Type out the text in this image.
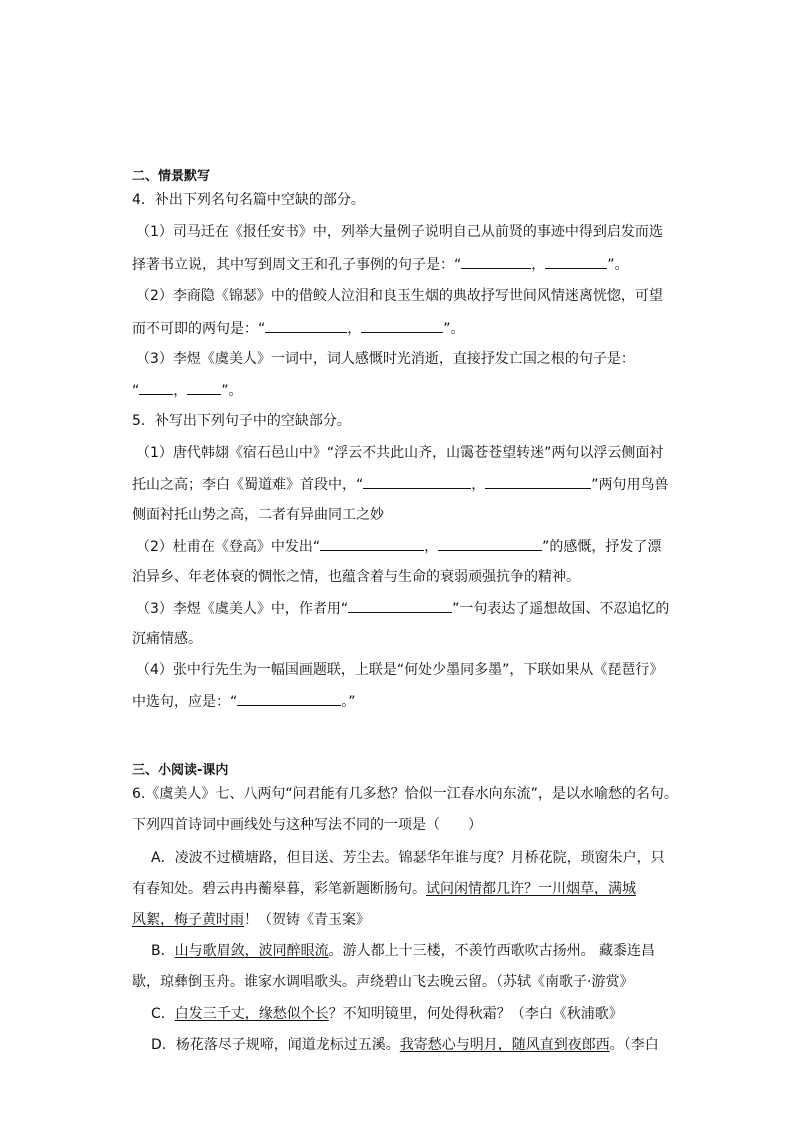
二、情景默写
4．补出下列名句名篇中空缺的部分。
（1）司马迁在《报任安书》中，列举大量例子说明自己从前贤的事迹中得到启发而选
择著书立说，其中写到周文王和孔子事例的句子是：“	，	”。
（2）李商隐《锦瑟》中的借鲛人泣泪和良玉生烟的典故抒写世间风情迷离恍惚，可望
而不可即的两句是：“	，	”。
（3）李煜《虞美人》一词中，词人感慨时光消逝，直接抒发亡国之根的句子是：
“ ， ”。
5．补写出下列句子中的空缺部分。
（1）唐代韩翃《宿石邑山中》“浮云不共此山齐，山霭苍苍望转迷”两句以浮云侧面衬
托山之高；李白《蜀道难》首段中，“	，	”两句用鸟兽
侧面衬托山势之高，二者有异曲同工之妙
（2）杜甫在《登高》中发出“	，	”的感慨，抒发了漂
泊异乡、年老体衰的惆怅之情，也蕴含着与生命的衰弱顽强抗争的精神。
（3）李煜《虞美人》中，作者用“	”一句表达了遥想故国、不忍追忆的
沉痛情感。
（4）张中行先生为一幅国画题联，上联是“何处少墨同多墨”，下联如果从《琵琶行》
中选句，应是：“	。”
三、小阅读-课内
6.《虞美人》七、八两句“问君能有几多愁？恰似一江春水向东流”，是以水喻愁的名句。
下列四首诗词中画线处与这种写法不同的一项是（　　）
A．凌波不过横塘路，但目送、芳尘去。锦瑟华年谁与度？月桥花院，琐窗朱户，只
有春知处。碧云冉冉蘅皋暮，彩笔新题断肠句。试问闲情都几许？一川烟草，满城
风絮，梅子黄时雨！（贺铸《青玉案》
B．山与歌眉敛，波同醉眼流。游人都上十三楼，不羡竹西歌吹古扬州。 藏黍连昌
歇，琼彝倒玉舟。谁家水调唱歌头。声绕碧山飞去晚云留。（苏轼《南歌子·游赏》
C．白发三千丈，缘愁似个长？不知明镜里，何处得秋霜？（李白《秋浦歌》
D．杨花落尽子规啼，闻道龙标过五溪。我寄愁心与明月，随风直到夜郎西。（李白
